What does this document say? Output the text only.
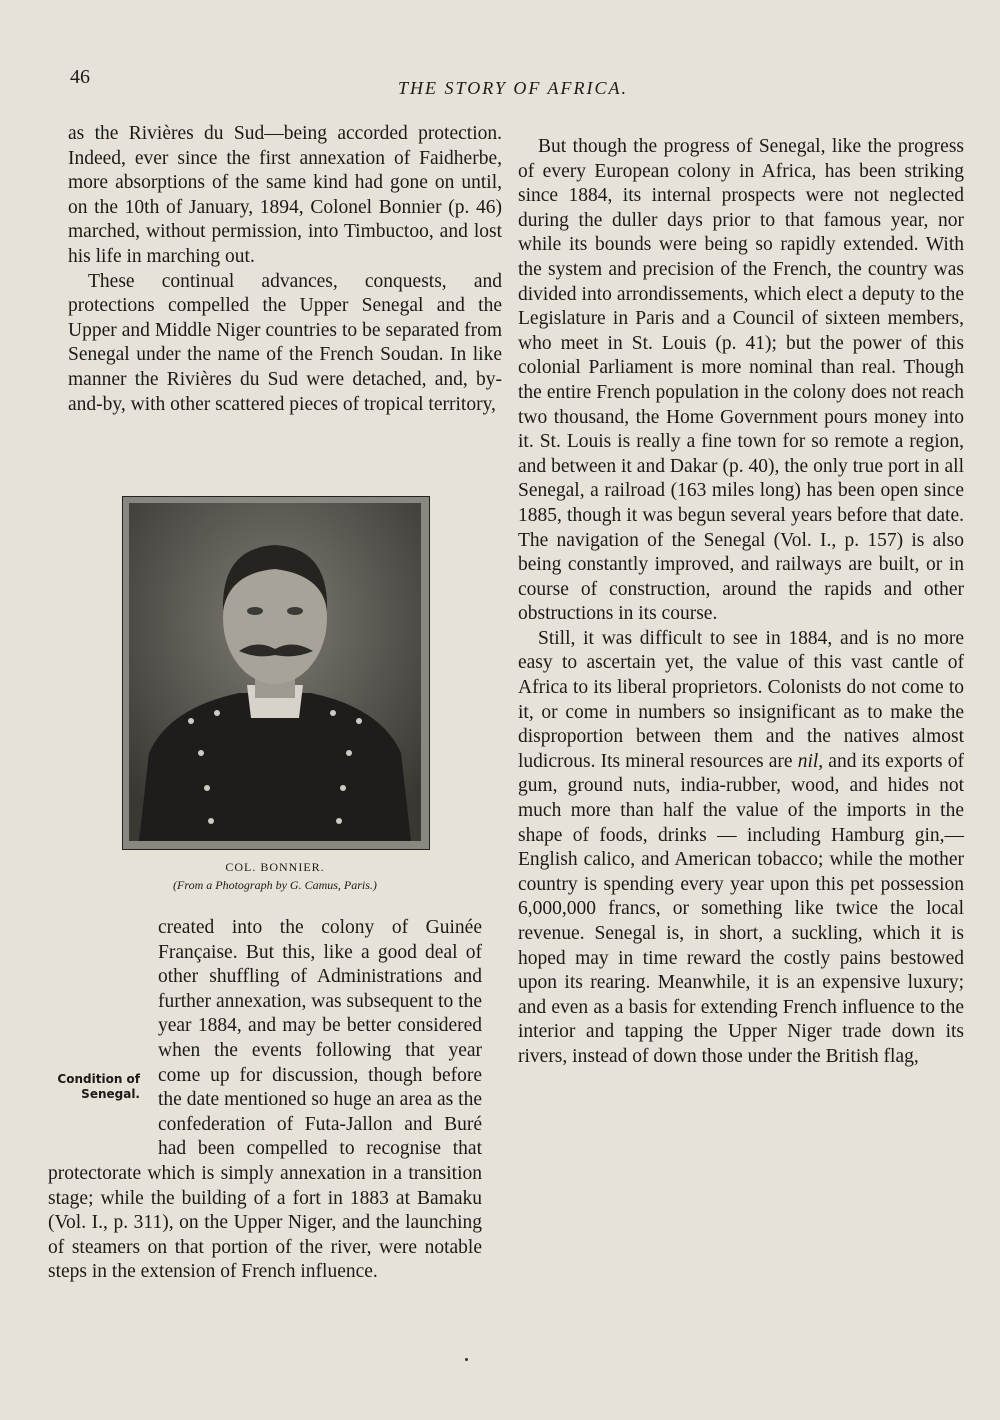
46	THE STORY OF AFRICA.

as the Rivières du Sud—being accorded protection. Indeed, ever since the first annexation of Faidherbe, more absorptions of the same kind had gone on until, on the 10th of January, 1894, Colonel Bonnier (p. 46) marched, without permission, into Timbuctoo, and lost his life in marching out.

These continual advances, conquests, and protections compelled the Upper Senegal and the Upper and Middle Niger countries to be separated from Senegal under the name of the French Soudan. In like manner the Rivières du Sud were detached, and, by-and-by, with other scattered pieces of tropical territory,

COL. BONNIER.
(From a Photograph by G. Camus, Paris.)
Condition of
Senegal.

created into the colony of Guinée Française. But this, like a good deal of other shuffling of Administrations and further annexation, was subsequent to the year 1884, and may be better considered when the events following that year come up for discussion, though before the date mentioned so huge an area as the confederation of Futa-Jallon and Buré had been compelled to recognise that protectorate which is simply annexation in a transition stage; while the building of a fort in 1883 at Bamaku (Vol. I., p. 311), on the Upper Niger, and the launching of steamers on that portion of the river, were notable steps in the extension of French influence.

But though the progress of Senegal, like the progress of every European colony in Africa, has been striking since 1884, its internal prospects were not neglected during the duller days prior to that famous year, nor while its bounds were being so rapidly extended. With the system and precision of the French, the country was divided into arrondissements, which elect a deputy to the Legislature in Paris and a Council of sixteen members, who meet in St. Louis (p. 41); but the power of this colonial Parliament is more nominal than real. Though the entire French population in the colony does not reach two thousand, the Home Government pours money into it. St. Louis is really a fine town for so remote a region, and between it and Dakar (p. 40), the only true port in all Senegal, a railroad (163 miles long) has been open since 1885, though it was begun several years before that date. The navigation of the Senegal (Vol. I., p. 157) is also being constantly improved, and railways are built, or in course of construction, around the rapids and other obstructions in its course.

Still, it was difficult to see in 1884, and is no more easy to ascertain yet, the value of this vast cantle of Africa to its liberal proprietors. Colonists do not come to it, or come in numbers so insignificant as to make the disproportion between them and the natives almost ludicrous. Its mineral resources are nil, and its exports of gum, ground nuts, india-rubber, wood, and hides not much more than half the value of the imports in the shape of foods, drinks — including Hamburg gin,—English calico, and American tobacco; while the mother country is spending every year upon this pet possession 6,000,000 francs, or something like twice the local revenue. Senegal is, in short, a suckling, which it is hoped may in time reward the costly pains bestowed upon its rearing. Meanwhile, it is an expensive luxury; and even as a basis for extending French influence to the interior and tapping the Upper Niger trade down its rivers, instead of down those under the British flag,
